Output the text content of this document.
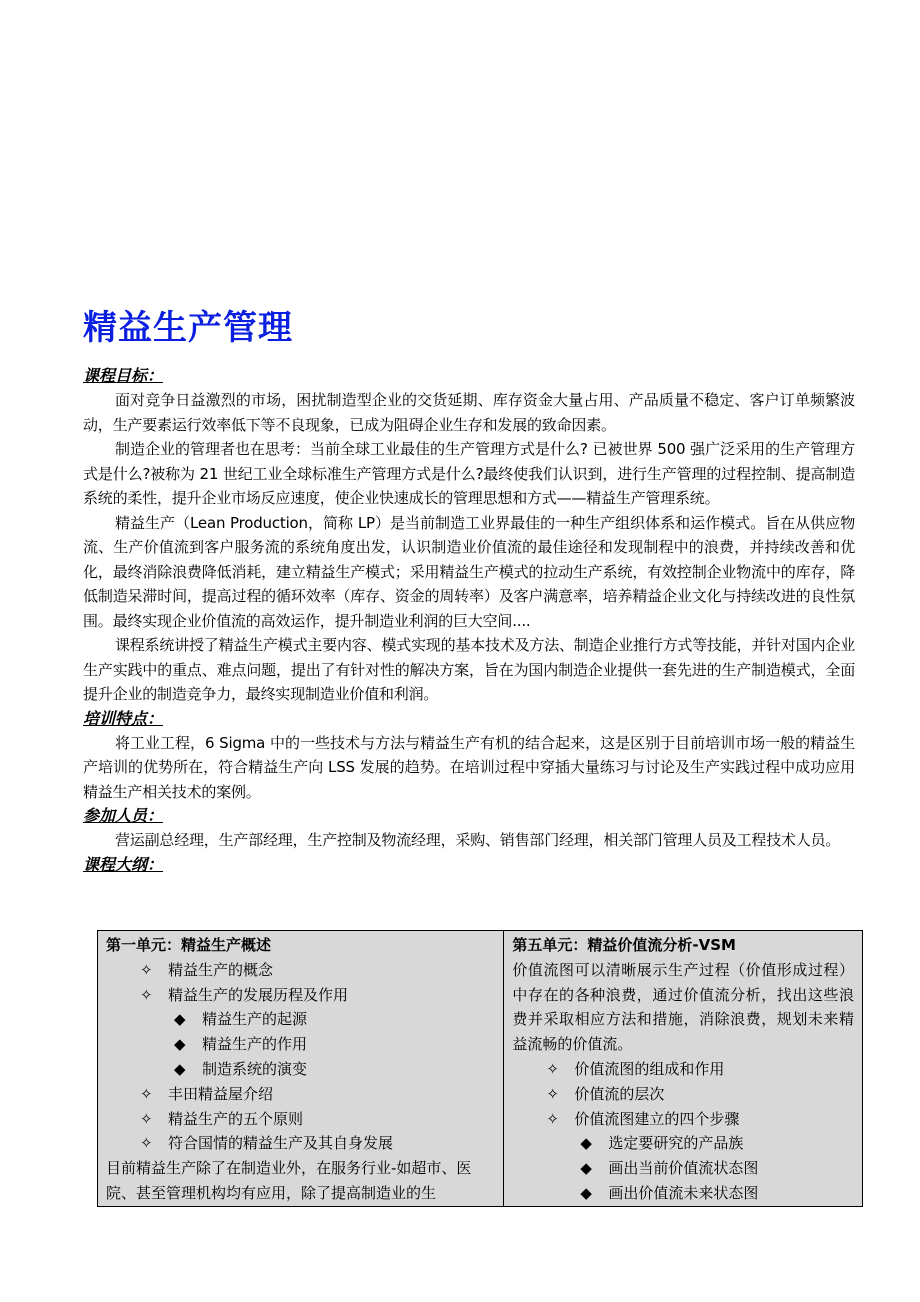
精益生产管理
课程目标：

面对竞争日益激烈的市场，困扰制造型企业的交货延期、库存资金大量占用、产品质量不稳定、客户订单频繁波动，生产要素运行效率低下等不良现象，已成为阻碍企业生存和发展的致命因素。

制造企业的管理者也在思考：当前全球工业最佳的生产管理方式是什么? 已被世界 500 强广泛采用的生产管理方式是什么?被称为 21 世纪工业全球标准生产管理方式是什么?最终使我们认识到，进行生产管理的过程控制、提高制造系统的柔性，提升企业市场反应速度，使企业快速成长的管理思想和方式——精益生产管理系统。

精益生产（Lean Production，简称 LP）是当前制造工业界最佳的一种生产组织体系和运作模式。旨在从供应物流、生产价值流到客户服务流的系统角度出发，认识制造业价值流的最佳途径和发现制程中的浪费，并持续改善和优化，最终消除浪费降低消耗，建立精益生产模式；采用精益生产模式的拉动生产系统，有效控制企业物流中的库存，降低制造呆滞时间，提高过程的循环效率（库存、资金的周转率）及客户满意率，培养精益企业文化与持续改进的良性氛围。最终实现企业价值流的高效运作，提升制造业利润的巨大空间....

课程系统讲授了精益生产模式主要内容、模式实现的基本技术及方法、制造企业推行方式等技能，并针对国内企业生产实践中的重点、难点问题，提出了有针对性的解决方案，旨在为国内制造企业提供一套先进的生产制造模式，全面提升企业的制造竞争力，最终实现制造业价值和利润。

培训特点：

将工业工程，6 Sigma 中的一些技术与方法与精益生产有机的结合起来，这是区别于目前培训市场一般的精益生产培训的优势所在，符合精益生产向 LSS 发展的趋势。在培训过程中穿插大量练习与讨论及生产实践过程中成功应用精益生产相关技术的案例。

参加人员：

营运副总经理，生产部经理，生产控制及物流经理，采购、销售部门经理，相关部门管理人员及工程技术人员。

课程大纲：
第一单元：精益生产概述
✧ 精益生产的概念
✧ 精益生产的发展历程及作用
◆ 精益生产的起源
◆ 精益生产的作用
◆ 制造系统的演变
✧ 丰田精益屋介绍
✧ 精益生产的五个原则
✧ 符合国情的精益生产及其自身发展
目前精益生产除了在制造业外，在服务行业-如超市、医院、甚至管理机构均有应用，除了提高制造业的生

第五单元：精益价值流分析-VSM
价值流图可以清晰展示生产过程（价值形成过程）中存在的各种浪费，通过价值流分析，找出这些浪费并采取相应方法和措施，消除浪费，规划未来精益流畅的价值流。
✧ 价值流图的组成和作用
✧ 价值流的层次
✧ 价值流图建立的四个步骤
◆ 选定要研究的产品族
◆ 画出当前价值流状态图
◆ 画出价值流未来状态图
